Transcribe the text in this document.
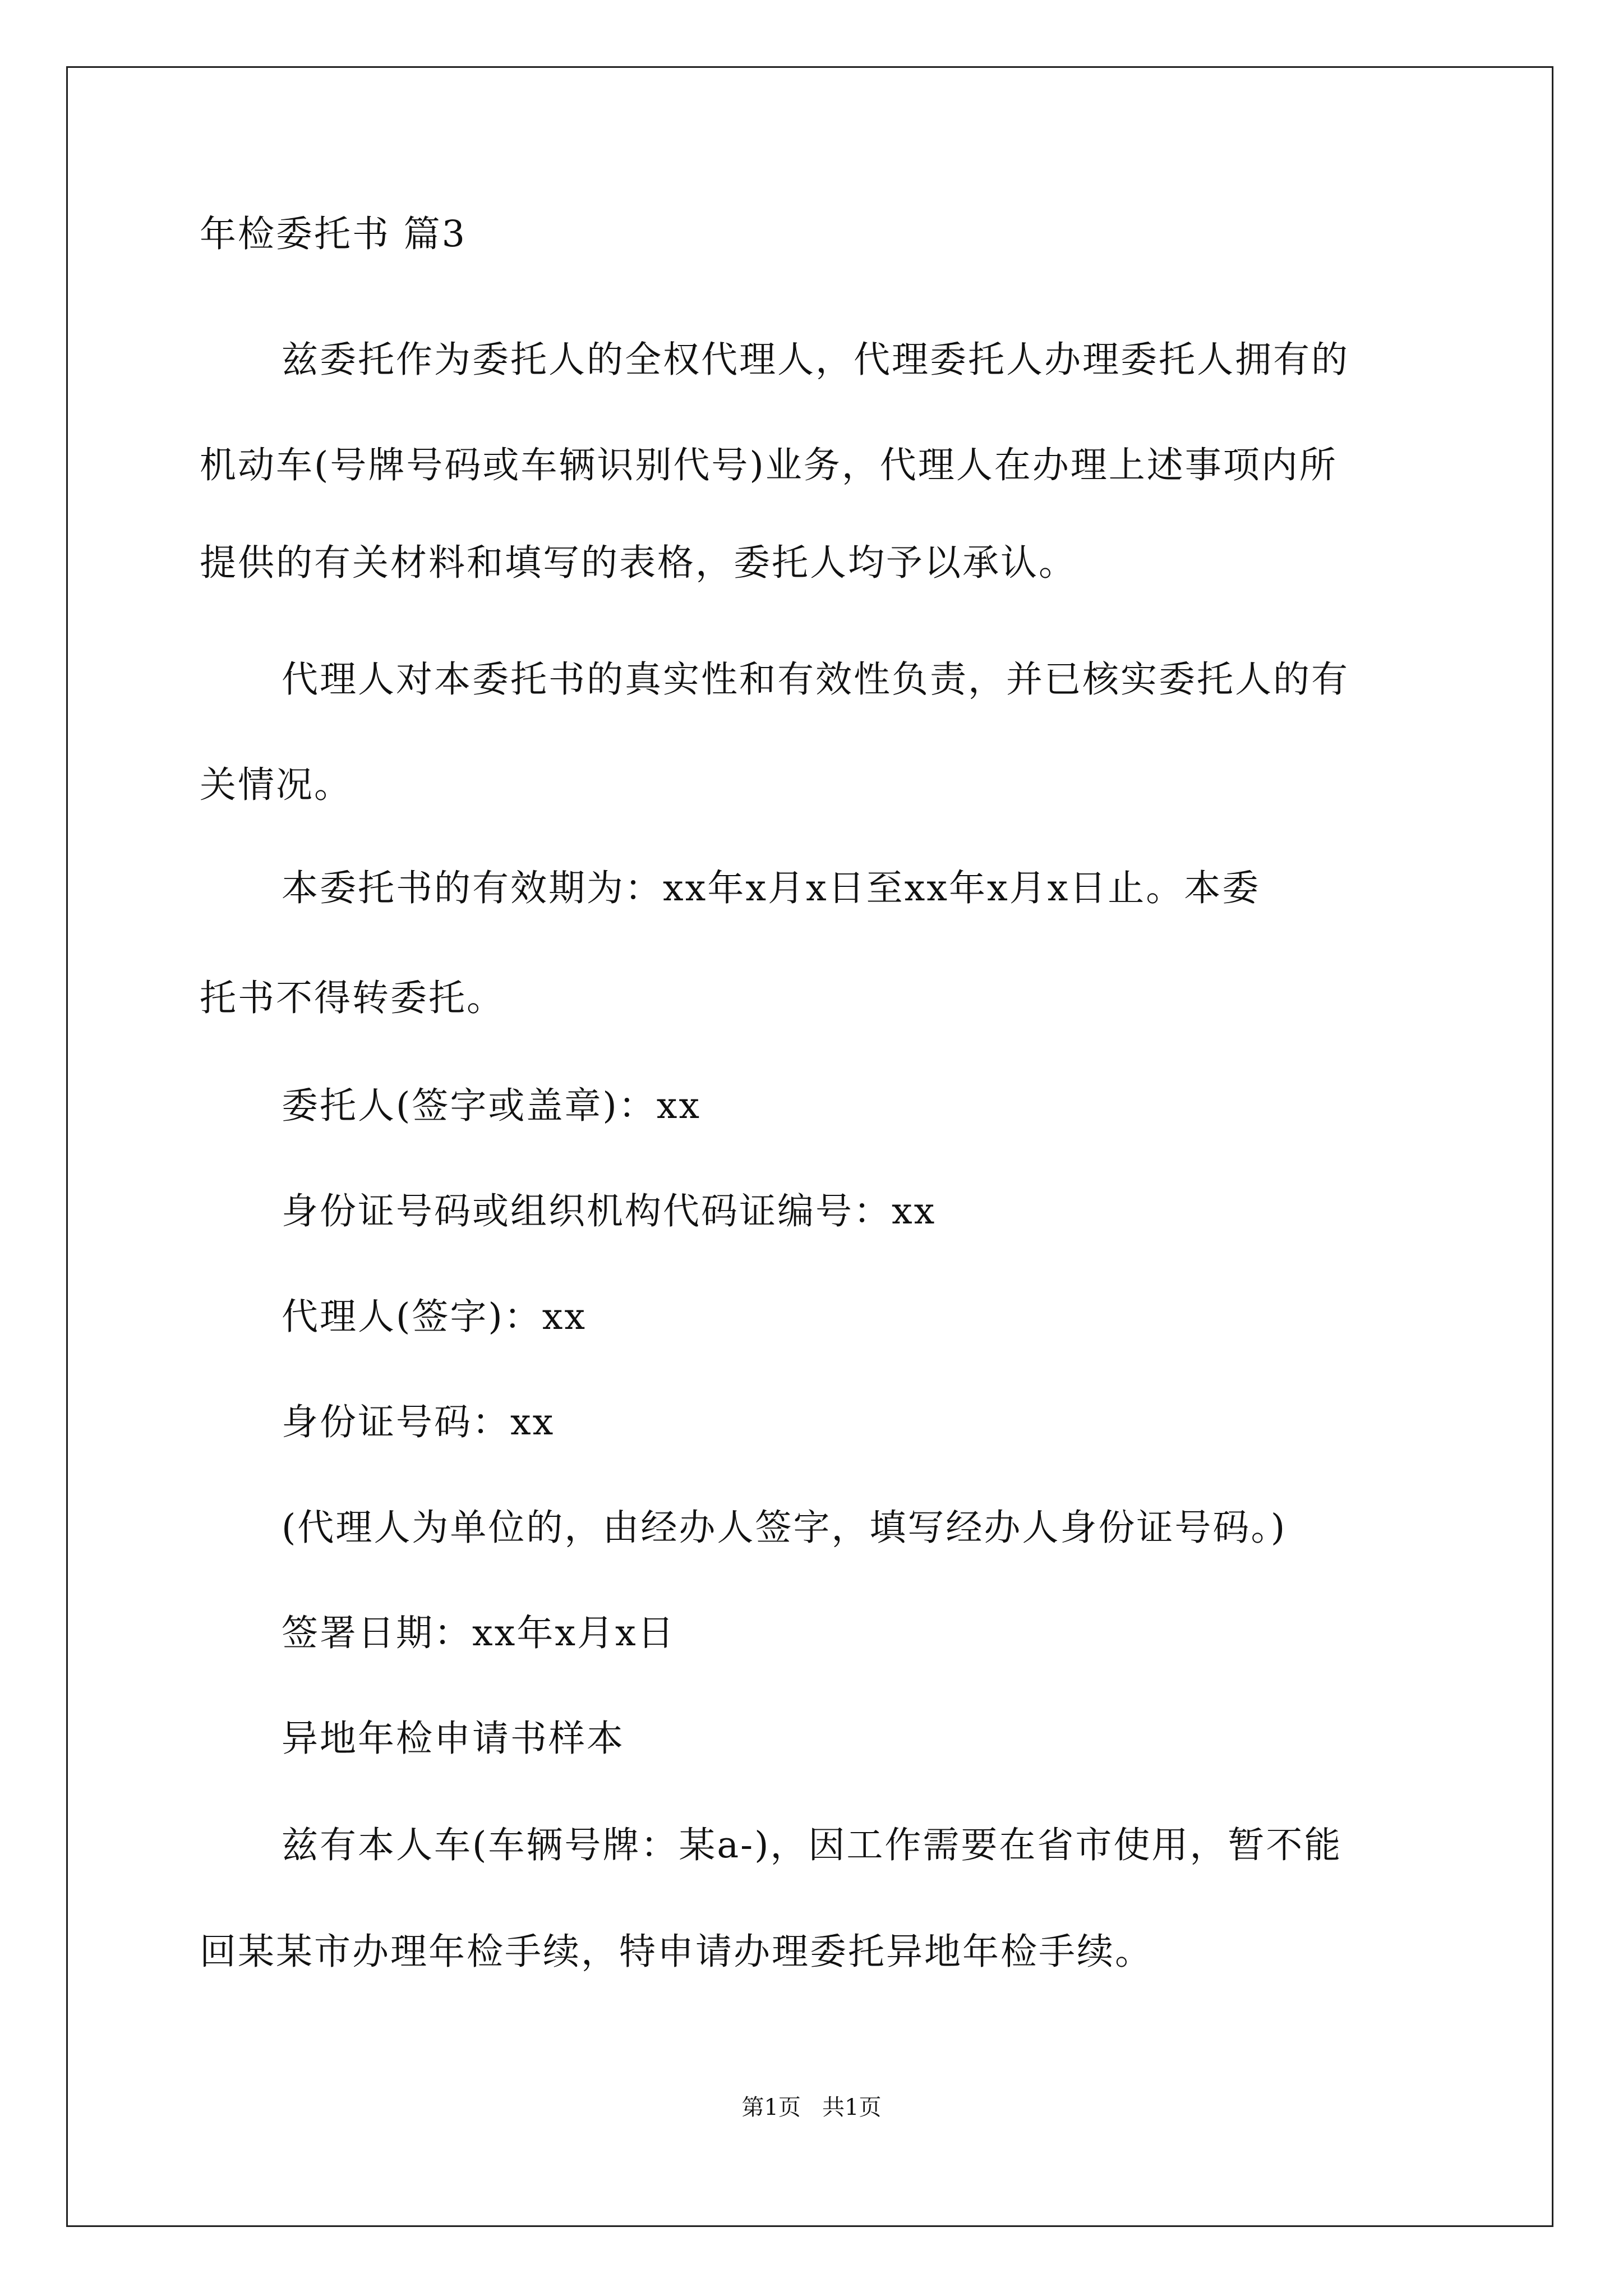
年检委托书 篇3
兹委托作为委托人的全权代理人，代理委托人办理委托人拥有的
机动车(号牌号码或车辆识别代号)业务，代理人在办理上述事项内所
提供的有关材料和填写的表格，委托人均予以承认。
代理人对本委托书的真实性和有效性负责，并已核实委托人的有
关情况。
本委托书的有效期为：xx年x月x日至xx年x月x日止。本委
托书不得转委托。
委托人(签字或盖章)：xx
身份证号码或组织机构代码证编号：xx
代理人(签字)：xx
身份证号码：xx
(代理人为单位的，由经办人签字，填写经办人身份证号码。)
签署日期：xx年x月x日
异地年检申请书样本
兹有本人车(车辆号牌：某a-)，因工作需要在省市使用，暂不能
回某某市办理年检手续，特申请办理委托异地年检手续。
第1页   共1页
